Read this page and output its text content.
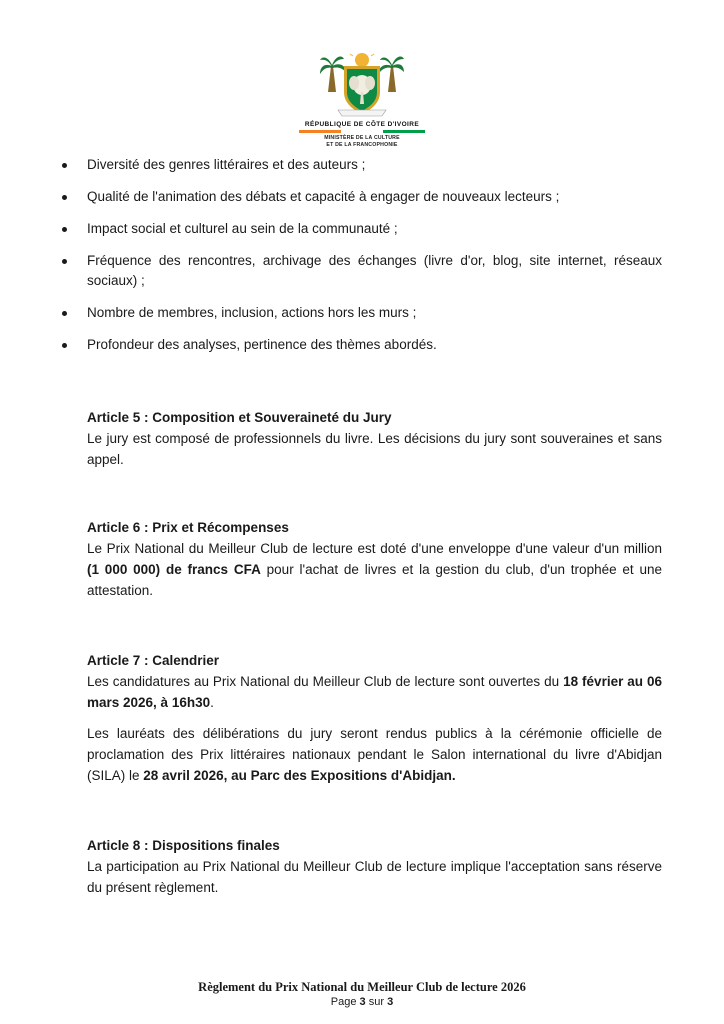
RÉPUBLIQUE DE CÔTE D'IVOIRE
MINISTÈRE DE LA CULTURE
ET DE LA FRANCOPHONIE
Diversité des genres littéraires et des auteurs ;
Qualité de l'animation des débats et capacité à engager de nouveaux lecteurs ;
Impact social et culturel au sein de la communauté ;
Fréquence des rencontres, archivage des échanges (livre d'or, blog, site internet, réseaux sociaux) ;
Nombre de membres, inclusion, actions hors les murs ;
Profondeur des analyses, pertinence des thèmes abordés.
Article 5 : Composition et Souveraineté du Jury

Le jury est composé de professionnels du livre. Les décisions du jury sont souveraines et sans appel.

Article 6 : Prix et Récompenses

Le Prix National du Meilleur Club de lecture est doté d'une enveloppe d'une valeur d'un million (1 000 000) de francs CFA pour l'achat de livres et la gestion du club, d'un trophée et une attestation.

Article 7 : Calendrier

Les candidatures au Prix National du Meilleur Club de lecture sont ouvertes du 18 février au 06 mars 2026, à 16h30.

Les lauréats des délibérations du jury seront rendus publics à la cérémonie officielle de proclamation des Prix littéraires nationaux pendant le Salon international du livre d'Abidjan (SILA) le 28 avril 2026, au Parc des Expositions d'Abidjan.

Article 8 : Dispositions finales

La participation au Prix National du Meilleur Club de lecture implique l'acceptation sans réserve du présent règlement.

Règlement du Prix National du Meilleur Club de lecture 2026
Page 3 sur 3
